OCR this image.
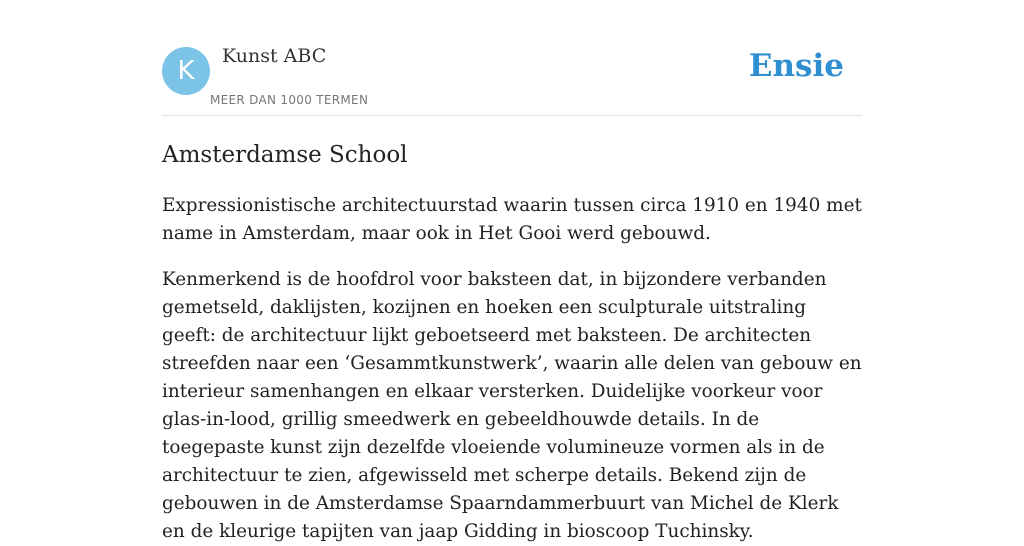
K	Kunst ABC
MEER DAN 1000 TERMEN
Ensie
Amsterdamse School

Expressionistische architectuurstad waarin tussen circa 1910 en 1940 met name in Amsterdam, maar ook in Het Gooi werd gebouwd.

Kenmerkend is de hoofdrol voor baksteen dat, in bijzondere verbanden gemetseld, daklijsten, kozijnen en hoeken een sculpturale uitstraling geeft: de architectuur lijkt geboetseerd met baksteen. De architecten streefden naar een ‘Gesammtkunstwerk’, waarin alle delen van gebouw en interieur samenhangen en elkaar versterken. Duidelijke voorkeur voor glas-in-lood, grillig smeedwerk en gebeeldhouwde details. In de toegepaste kunst zijn dezelfde vloeiende volumineuze vormen als in de architectuur te zien, afgewisseld met scherpe details. Bekend zijn de gebouwen in de Amsterdamse Spaarndammerbuurt van Michel de Klerk en de kleurige tapijten van jaap Gidding in bioscoop Tuchinsky.
